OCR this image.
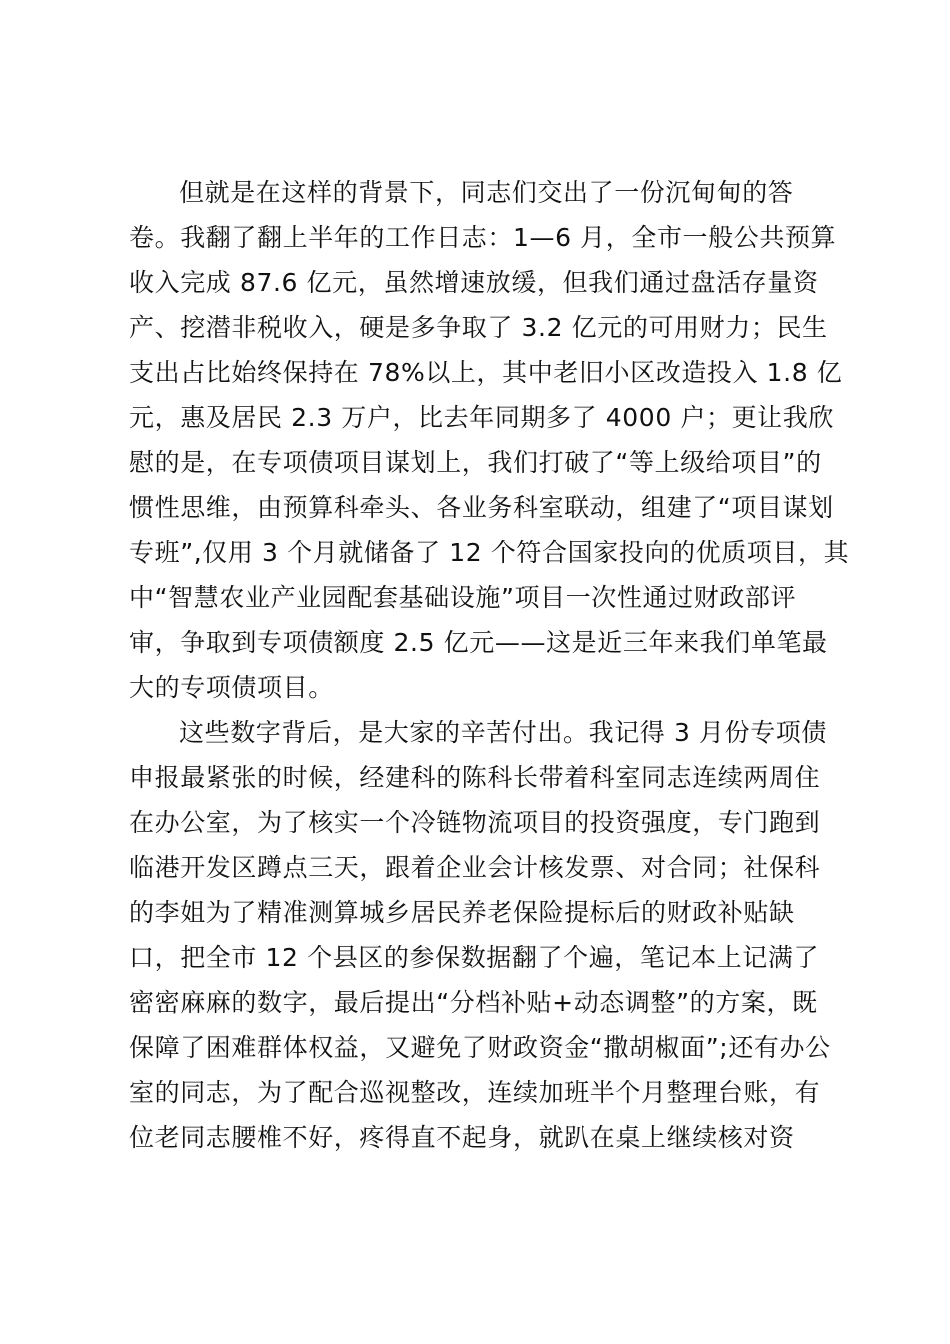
但就是在这样的背景下，同志们交出了一份沉甸甸的答
卷。我翻了翻上半年的工作日志：1—6 月，全市一般公共预算
收入完成 87.6 亿元，虽然增速放缓，但我们通过盘活存量资
产、挖潜非税收入，硬是多争取了 3.2 亿元的可用财力；民生
支出占比始终保持在 78%以上，其中老旧小区改造投入 1.8 亿
元，惠及居民 2.3 万户，比去年同期多了 4000 户；更让我欣
慰的是，在专项债项目谋划上，我们打破了“等上级给项目”的
惯性思维，由预算科牵头、各业务科室联动，组建了“项目谋划
专班”,仅用 3 个月就储备了 12 个符合国家投向的优质项目，其
中“智慧农业产业园配套基础设施”项目一次性通过财政部评
审，争取到专项债额度 2.5 亿元——这是近三年来我们单笔最
大的专项债项目。
这些数字背后，是大家的辛苦付出。我记得 3 月份专项债
申报最紧张的时候，经建科的陈科长带着科室同志连续两周住
在办公室，为了核实一个冷链物流项目的投资强度，专门跑到
临港开发区蹲点三天，跟着企业会计核发票、对合同；社保科
的李姐为了精准测算城乡居民养老保险提标后的财政补贴缺
口，把全市 12 个县区的参保数据翻了个遍，笔记本上记满了
密密麻麻的数字，最后提出“分档补贴+动态调整”的方案，既
保障了困难群体权益，又避免了财政资金“撒胡椒面”;还有办公
室的同志，为了配合巡视整改，连续加班半个月整理台账，有
位老同志腰椎不好，疼得直不起身，就趴在桌上继续核对资
